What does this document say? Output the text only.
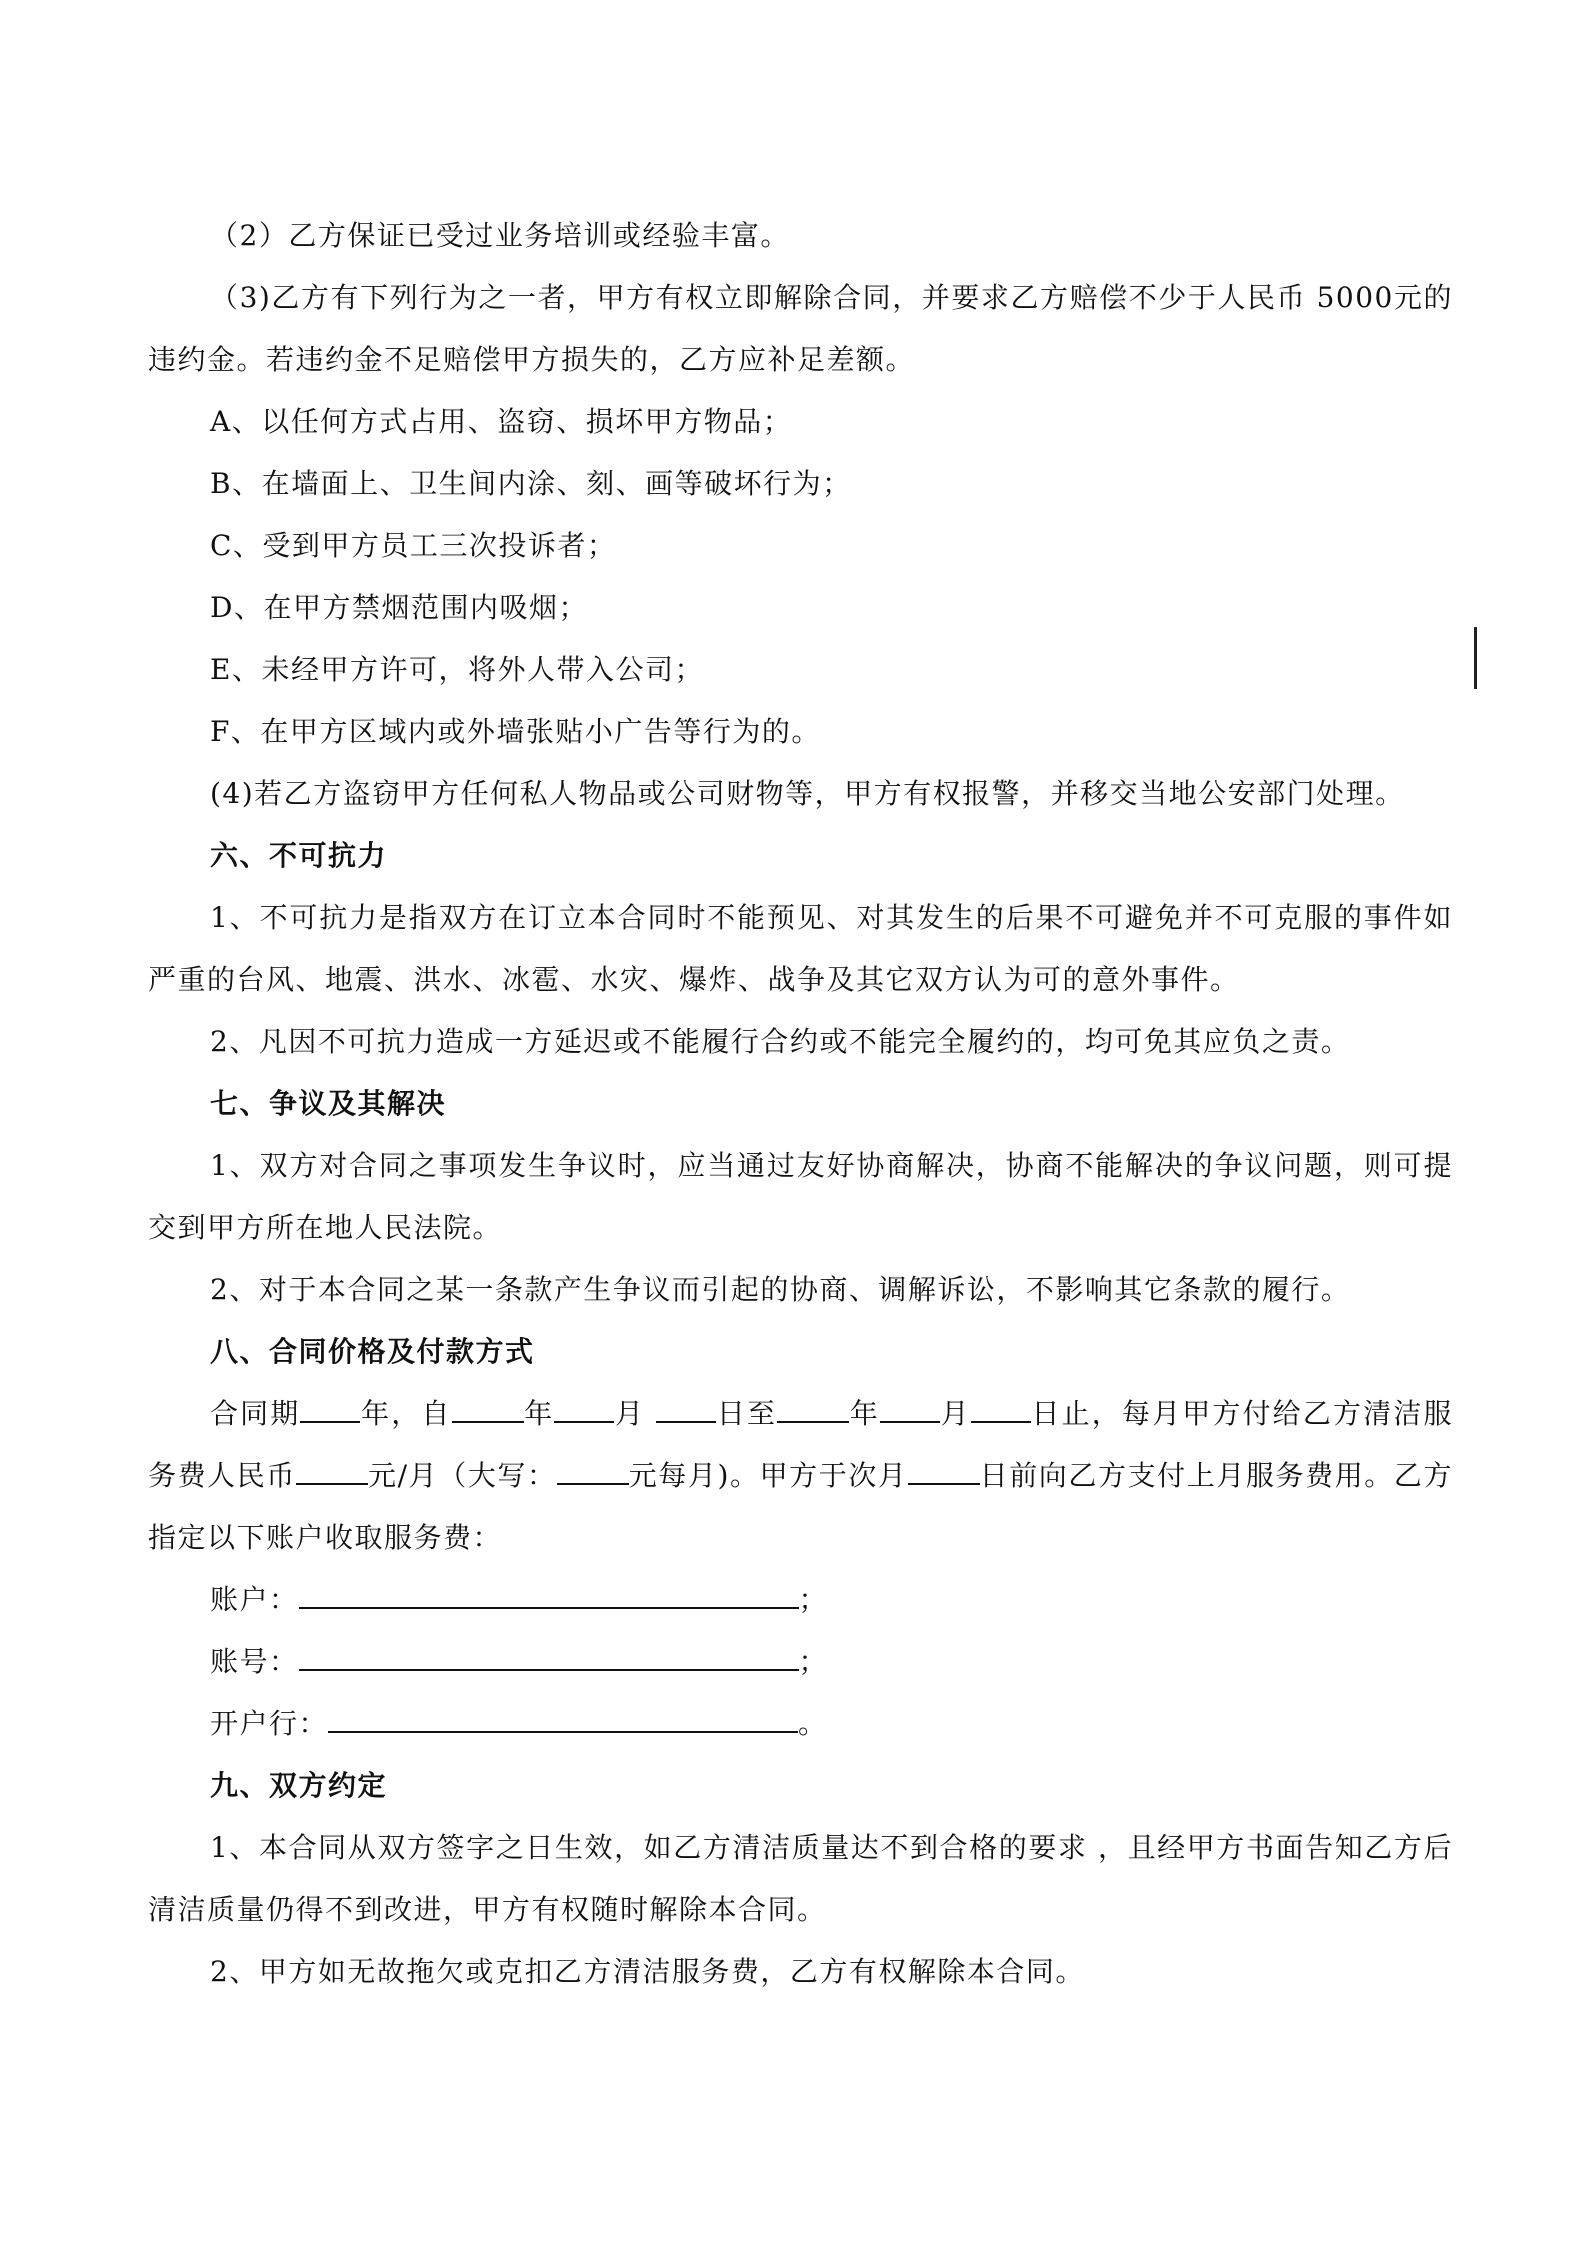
（2）乙方保证已受过业务培训或经验丰富。

（3)乙方有下列行为之一者，甲方有权立即解除合同，并要求乙方赔偿不少于人民币 5000元的违约金。若违约金不足赔偿甲方损失的，乙方应补足差额。

A、以任何方式占用、盗窃、损坏甲方物品；

B、在墙面上、卫生间内涂、刻、画等破坏行为；

C、受到甲方员工三次投诉者；

D、在甲方禁烟范围内吸烟；

E、未经甲方许可，将外人带入公司；

F、在甲方区域内或外墙张贴小广告等行为的。

(4)若乙方盗窃甲方任何私人物品或公司财物等，甲方有权报警，并移交当地公安部门处理。

六、不可抗力

1、不可抗力是指双方在订立本合同时不能预见、对其发生的后果不可避免并不可克服的事件如严重的台风、地震、洪水、冰雹、水灾、爆炸、战争及其它双方认为可的意外事件。

2、凡因不可抗力造成一方延迟或不能履行合约或不能完全履约的，均可免其应负之责。

七、争议及其解决

1、双方对合同之事项发生争议时，应当通过友好协商解决，协商不能解决的争议问题，则可提交到甲方所在地人民法院。

2、对于本合同之某一条款产生争议而引起的协商、调解诉讼，不影响其它条款的履行。

八、合同价格及付款方式

合同期 年，自	年 月	日至	年 月 日止，每月甲方付给乙方清洁服务费人民币	元/月（大写：	元每月)。甲方于次月	日前向乙方支付上月服务费用。乙方指定以下账户收取服务费：

账户：	；

账号：	；

开户行：	。

九、双方约定

1、本合同从双方签字之日生效，如乙方清洁质量达不到合格的要求 ，且经甲方书面告知乙方后清洁质量仍得不到改进，甲方有权随时解除本合同。

2、甲方如无故拖欠或克扣乙方清洁服务费，乙方有权解除本合同。
